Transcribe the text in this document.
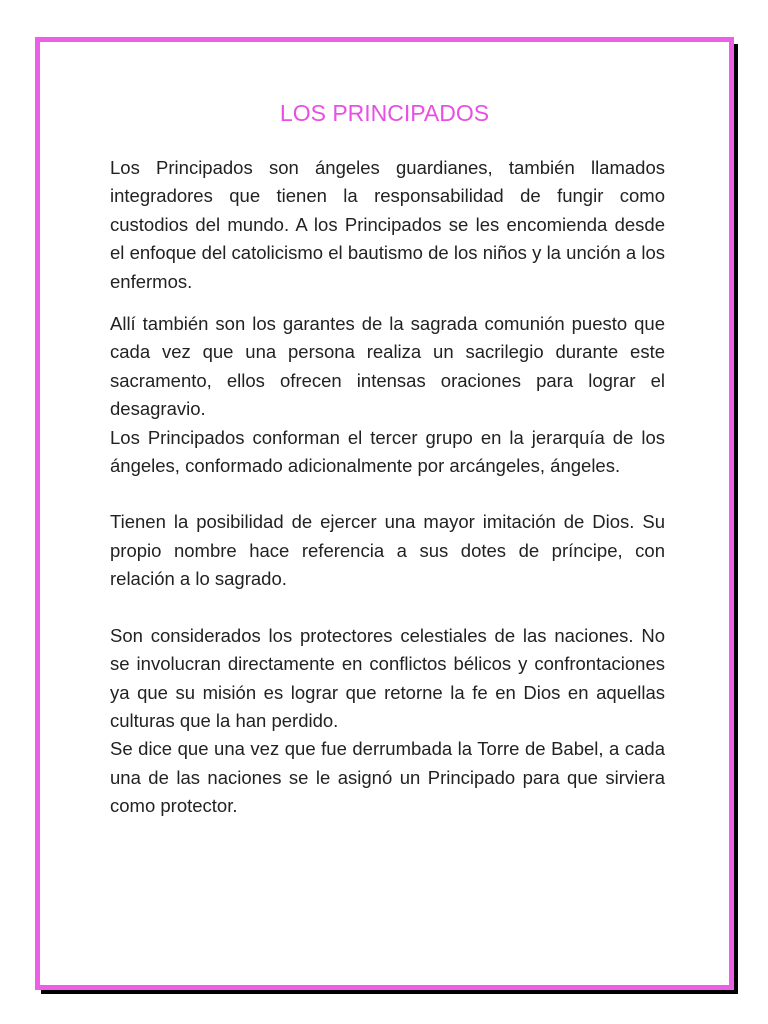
LOS PRINCIPADOS

Los Principados son ángeles guardianes, también llamados integradores que tienen la responsabilidad de fungir como custodios del mundo. A los Principados se les encomienda desde el enfoque del catolicismo el bautismo de los niños y la unción a los enfermos.

Allí también son los garantes de la sagrada comunión puesto que cada vez que una persona realiza un sacrilegio durante este sacramento, ellos ofrecen intensas oraciones para lograr el desagravio.

Los Principados conforman el tercer grupo en la jerarquía de los ángeles, conformado adicionalmente por arcángeles, ángeles.

Tienen la posibilidad de ejercer una mayor imitación de Dios. Su propio nombre hace referencia a sus dotes de príncipe, con relación a lo sagrado.

Son considerados los protectores celestiales de las naciones. No se involucran directamente en conflictos bélicos y confrontaciones ya que su misión es lograr que retorne la fe en Dios en aquellas culturas que la han perdido.

Se dice que una vez que fue derrumbada la Torre de Babel, a cada una de las naciones se le asignó un Principado para que sirviera como protector.
